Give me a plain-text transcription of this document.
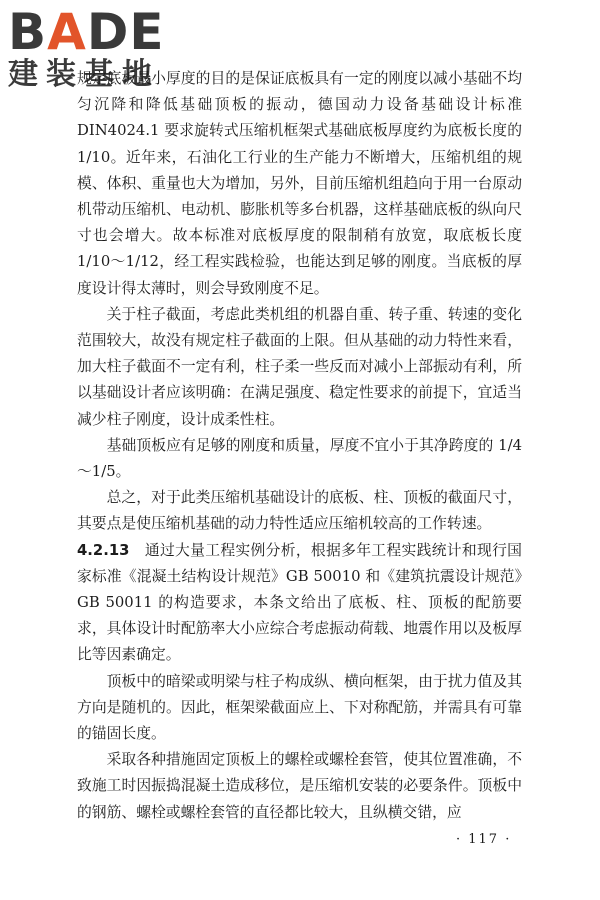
BADE
建装基地

规定底板最小厚度的目的是保证底板具有一定的刚度以减小基础不均匀沉降和降低基础顶板的振动，德国动力设备基础设计标准 DIN4024.1 要求旋转式压缩机框架式基础底板厚度约为底板长度的 1/10。近年来，石油化工行业的生产能力不断增大，压缩机组的规模、体积、重量也大为增加，另外，目前压缩机组趋向于用一台原动机带动压缩机、电动机、膨胀机等多台机器，这样基础底板的纵向尺寸也会增大。故本标准对底板厚度的限制稍有放宽，取底板长度 1/10～1/12，经工程实践检验，也能达到足够的刚度。当底板的厚度设计得太薄时，则会导致刚度不足。

关于柱子截面，考虑此类机组的机器自重、转子重、转速的变化范围较大，故没有规定柱子截面的上限。但从基础的动力特性来看，加大柱子截面不一定有利，柱子柔一些反而对减小上部振动有利，所以基础设计者应该明确：在满足强度、稳定性要求的前提下，宜适当减少柱子刚度，设计成柔性柱。

基础顶板应有足够的刚度和质量，厚度不宜小于其净跨度的 1/4～1/5。

总之，对于此类压缩机基础设计的底板、柱、顶板的截面尺寸，其要点是使压缩机基础的动力特性适应压缩机较高的工作转速。

4.2.13　 通过大量工程实例分析，根据多年工程实践统计和现行国家标准《混凝土结构设计规范》GB 50010 和《建筑抗震设计规范》GB 50011 的构造要求，本条文给出了底板、柱、顶板的配筋要求，具体设计时配筋率大小应综合考虑振动荷载、地震作用以及板厚比等因素确定。

顶板中的暗梁或明梁与柱子构成纵、横向框架，由于扰力值及其方向是随机的。因此，框架梁截面应上、下对称配筋，并需具有可靠的锚固长度。

采取各种措施固定顶板上的螺栓或螺栓套管，使其位置准确，不致施工时因振捣混凝土造成移位，是压缩机安装的必要条件。顶板中的钢筋、螺栓或螺栓套管的直径都比较大，且纵横交错，应

· 117 ·
